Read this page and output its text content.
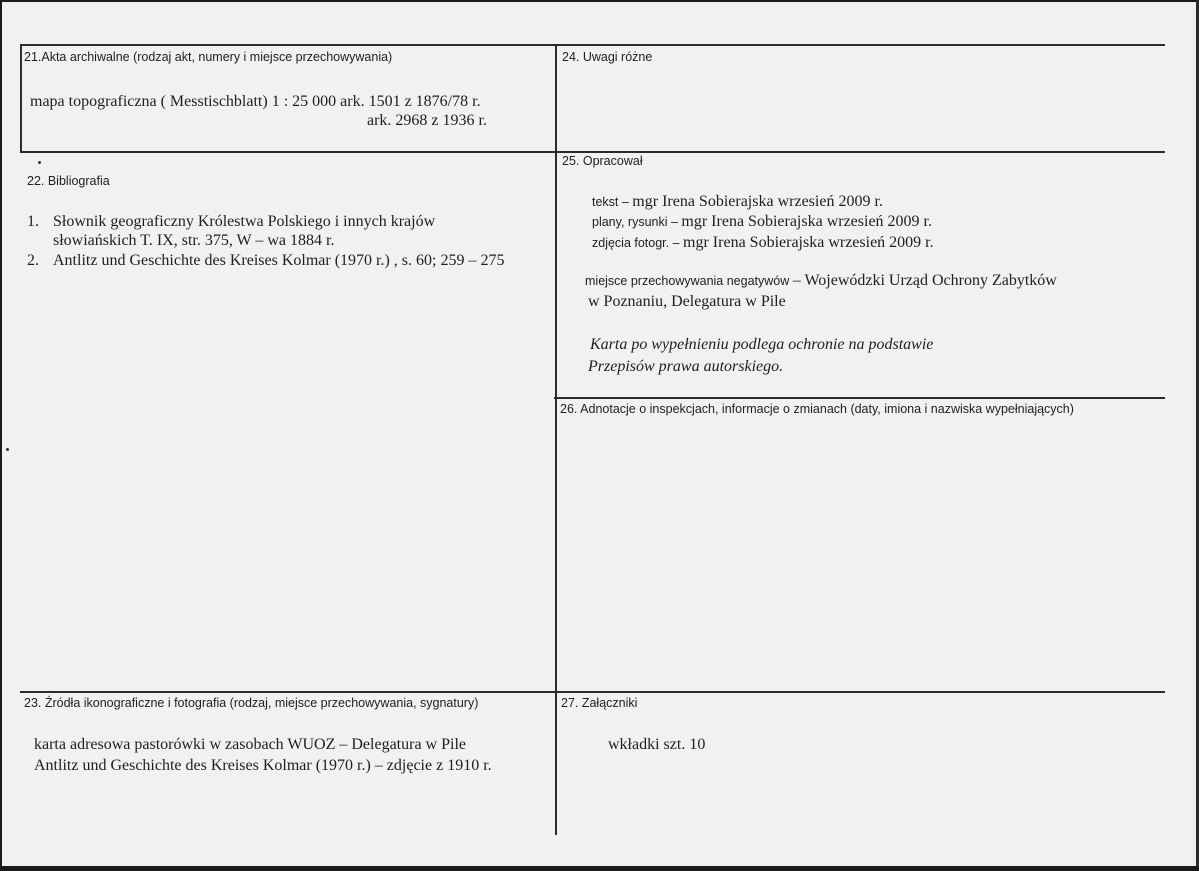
21.Akta archiwalne (rodzaj akt, numery i miejsce przechowywania)
mapa topograficzna ( Messtischblatt) 1 : 25 000 ark. 1501 z 1876/78 r.
ark. 2968 z 1936 r.
24. Uwagi różne
22. Bibliografia
1. Słownik geograficzny Królestwa Polskiego i innych krajów
słowiańskich T. IX, str. 375, W – wa 1884 r.
2. Antlitz und Geschichte des Kreises Kolmar (1970 r.) , s. 60; 259 – 275
25. Opracował
tekst – mgr Irena Sobierajska wrzesień 2009 r.
plany, rysunki – mgr Irena Sobierajska wrzesień 2009 r.
zdjęcia fotogr. – mgr Irena Sobierajska wrzesień 2009 r.
miejsce przechowywania negatywów – Wojewódzki Urząd Ochrony Zabytków
w Poznaniu, Delegatura w Pile
Karta po wypełnieniu podlega ochronie na podstawie
Przepisów prawa autorskiego.
26. Adnotacje o inspekcjach, informacje o zmianach (daty, imiona i nazwiska wypełniających)
23. Źródła ikonograficzne i fotografia (rodzaj, miejsce przechowywania, sygnatury)
karta adresowa pastorówki w zasobach WUOZ – Delegatura w Pile
Antlitz und Geschichte des Kreises Kolmar (1970 r.) – zdjęcie z 1910 r.
27. Załączniki
wkładki szt. 10
